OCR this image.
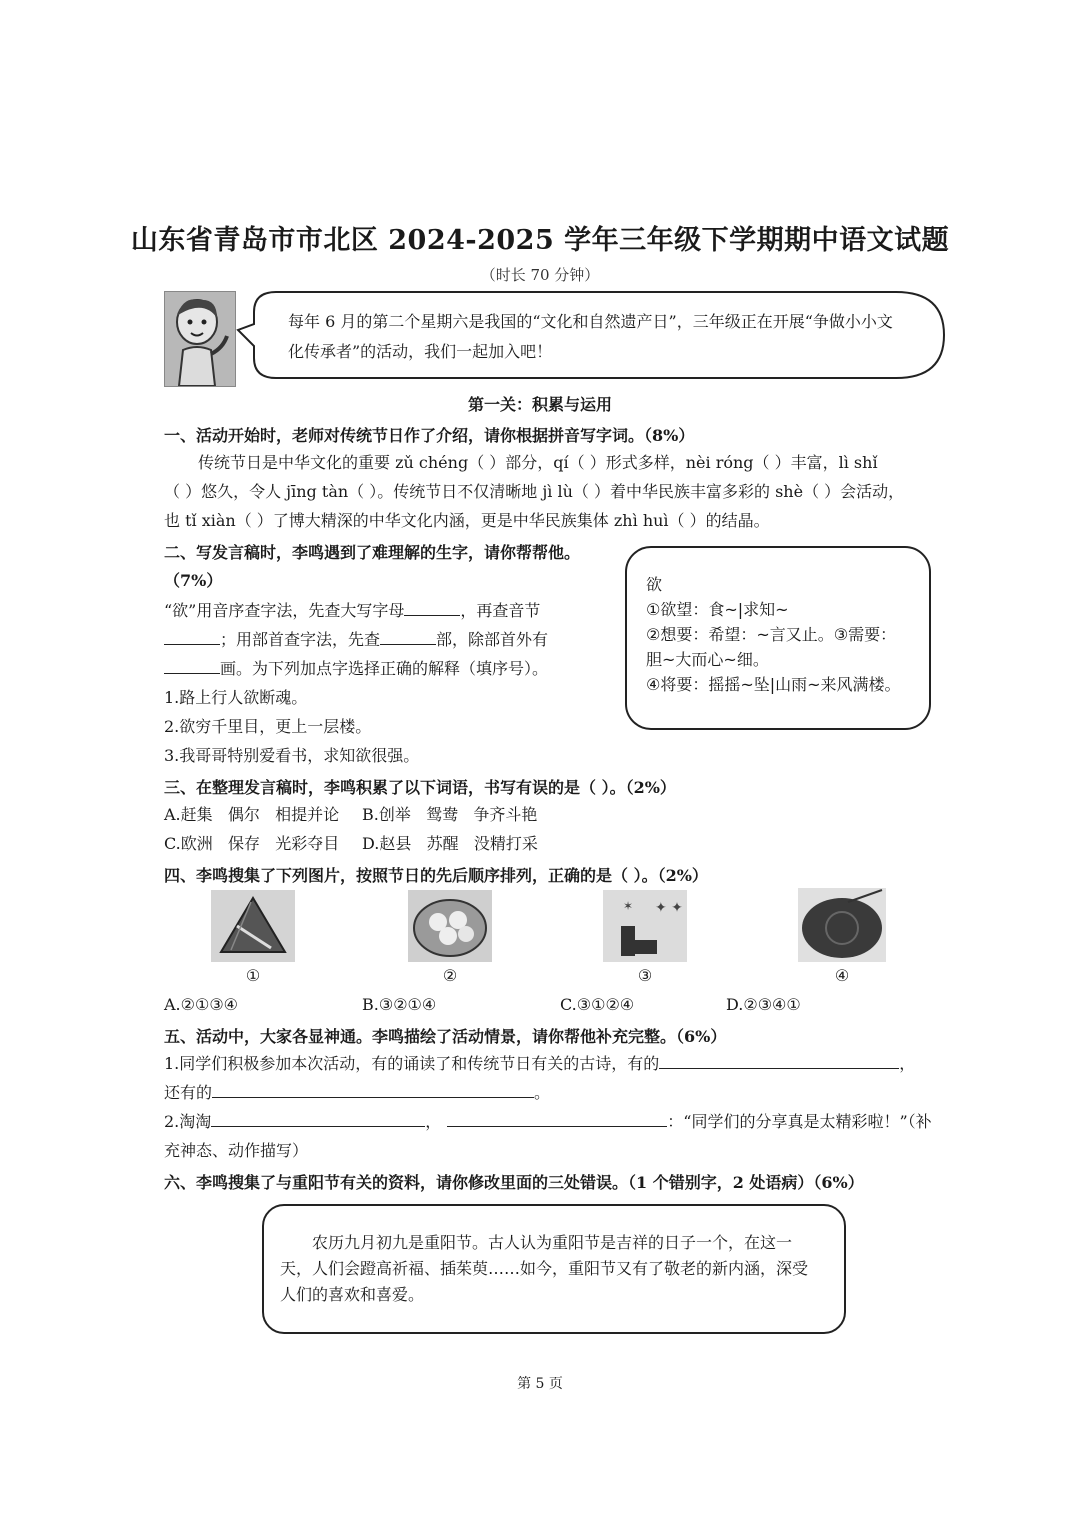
山东省青岛市市北区 2024-2025 学年三年级下学期期中语文试题
（时长 70 分钟）
每年 6 月的第二个星期六是我国的“文化和自然遗产日”，三年级正在开展“争做小小文
化传承者”的活动，我们一起加入吧！
第一关：积累与运用
一、活动开始时，老师对传统节日作了介绍，请你根据拼音写字词。（8%）
传统节日是中华文化的重要 zǔ chéng（ ）部分，qí（ ）形式多样，nèi róng（ ）丰富，lì shǐ
（ ）悠久，令人 jīng tàn（ ）。传统节日不仅清晰地 jì lù（ ）着中华民族丰富多彩的 shè（ ）会活动，
也 tǐ xiàn（ ）了博大精深的中华文化内涵，更是中华民族集体 zhì huì（ ）的结晶。
二、写发言稿时，李鸣遇到了难理解的生字，请你帮帮他。
（7%）
“欲”用音序查字法，先查大写字母	，再查音节
；用部首查字法，先查	部，除部首外有
画。为下列加点字选择正确的解释（填序号）。
1.路上行人欲断魂。
2.欲穷千里目，更上一层楼。
3.我哥哥特别爱看书，求知欲很强。
欲
①欲望：食~|求知~
②想要：希望：~言又止。③需要：
胆~大而心~细。
④将要：摇摇~坠|山雨~来风满楼。
三、在整理发言稿时，李鸣积累了以下词语，书写有误的是（ ）。（2%）
A.赶集   偶尔   相提并论 B.创举   鸳鸯   争齐斗艳
C.欧洲   保存   光彩夺目 D.赵县   苏醒   没精打采
四、李鸣搜集了下列图片，按照节日的先后顺序排列，正确的是（ ）。（2%）
✦ ✦
✶
①	②	③	④
A.②①③④	B.③②①④	C.③①②④	D.②③④①
五、活动中，大家各显神通。李鸣描绘了活动情景，请你帮他补充完整。（6%）
1.同学们积极参加本次活动，有的诵读了和传统节日有关的古诗，有的	，
还有的	。
2.淘淘	，	：“同学们的分享真是太精彩啦！”（补
充神态、动作描写）
六、李鸣搜集了与重阳节有关的资料，请你修改里面的三处错误。（1 个错别字，2 处语病）（6%）
农历九月初九是重阳节。古人认为重阳节是吉祥的日子一个，在这一
天，人们会蹬高祈福、插茱萸……如今，重阳节又有了敬老的新内涵，深受
人们的喜欢和喜爱。
第 5 页
